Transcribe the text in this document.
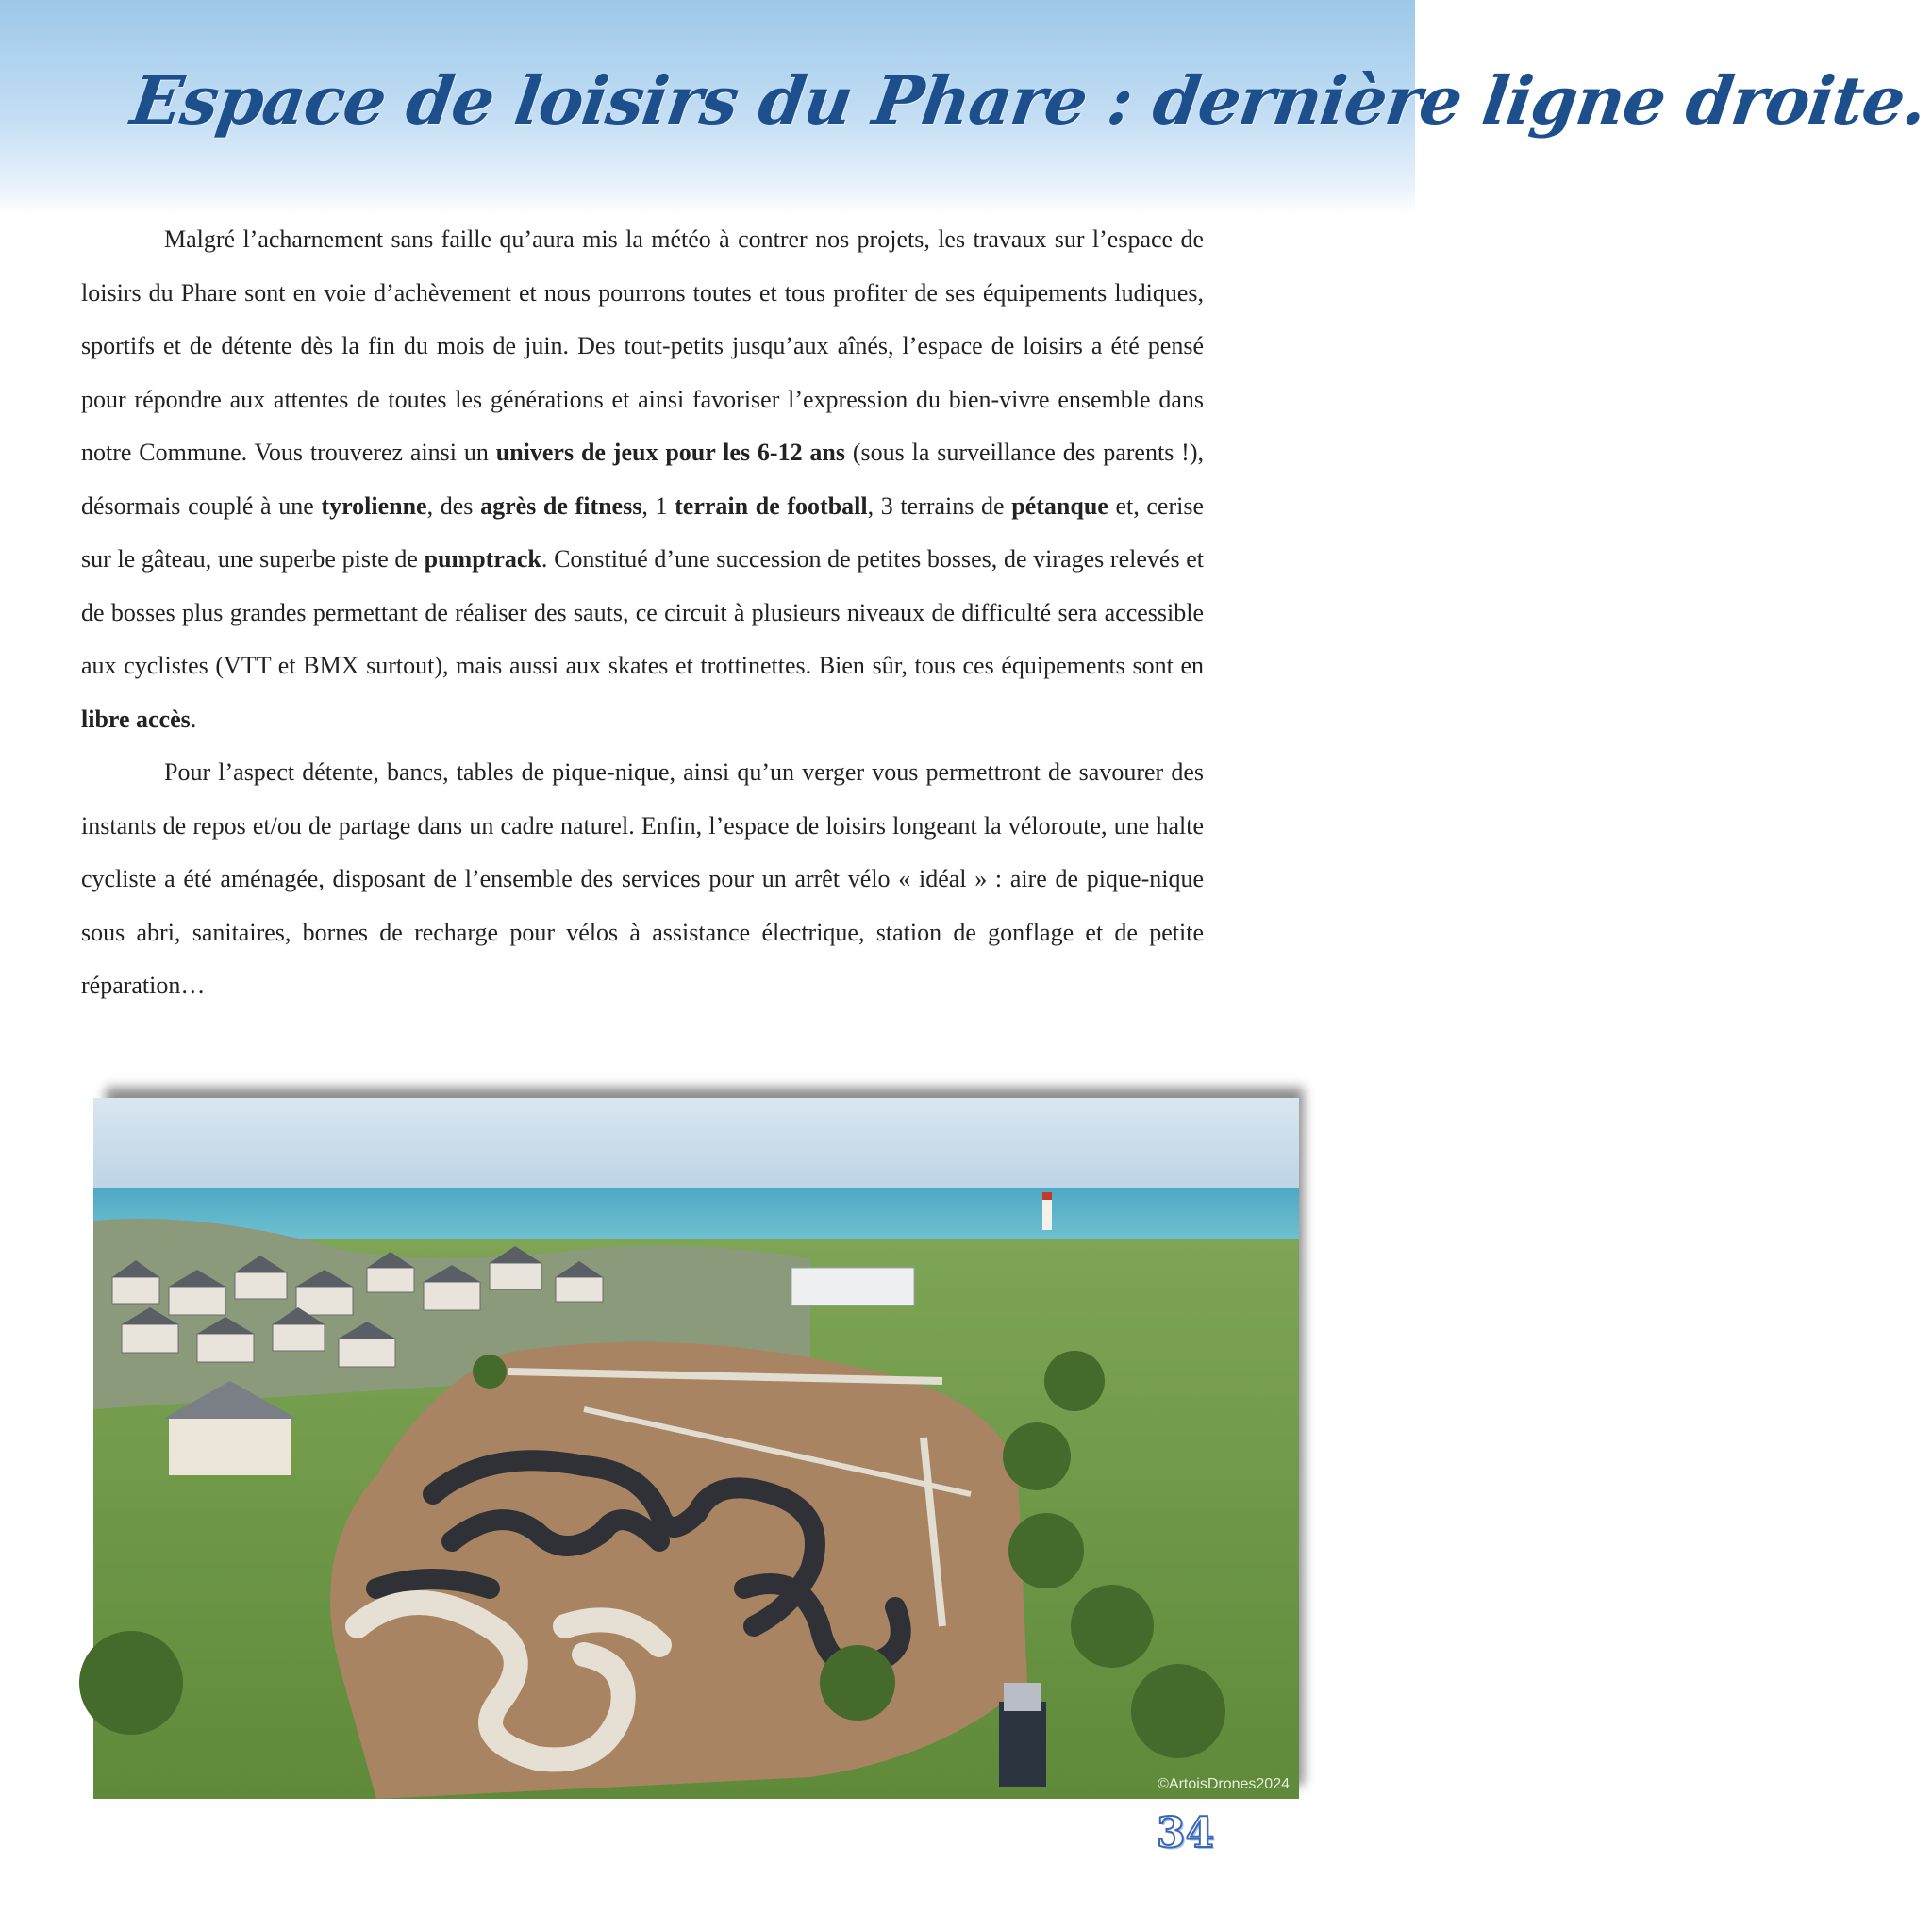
Espace de loisirs du Phare : dernière ligne droite.

Malgré l’acharnement sans faille qu’aura mis la météo à contrer nos projets, les travaux sur l’espace de loisirs du Phare sont en voie d’achèvement et nous pourrons toutes et tous profiter de ses équipements ludiques, sportifs et de détente dès la fin du mois de juin. Des tout-petits jusqu’aux aînés, l’espace de loisirs a été pensé pour répondre aux attentes de toutes les générations et ainsi favoriser l’expression du bien-vivre ensemble dans notre Commune. Vous trouverez ainsi un univers de jeux pour les 6-12 ans (sous la surveillance des parents !), désormais couplé à une tyrolienne, des agrès de fitness, 1 terrain de football, 3 terrains de pétanque et, cerise sur le gâteau, une superbe piste de pumptrack. Constitué d’une succession de petites bosses, de virages relevés et de bosses plus grandes permettant de réaliser des sauts, ce circuit à plusieurs niveaux de difficulté sera accessible aux cyclistes (VTT et BMX surtout), mais aussi aux skates et trottinettes. Bien sûr, tous ces équipements sont en libre accès.

Pour l’aspect détente, bancs, tables de pique-nique, ainsi qu’un verger vous permettront de savourer des instants de repos et/ou de partage dans un cadre naturel. Enfin, l’espace de loisirs longeant la véloroute, une halte cycliste a été aménagée, disposant de l’ensemble des services pour un arrêt vélo « idéal » : aire de pique-nique sous abri, sanitaires, bornes de recharge pour vélos à assistance électrique, station de gonflage et de petite réparation…

©ArtoisDrones2024
34
